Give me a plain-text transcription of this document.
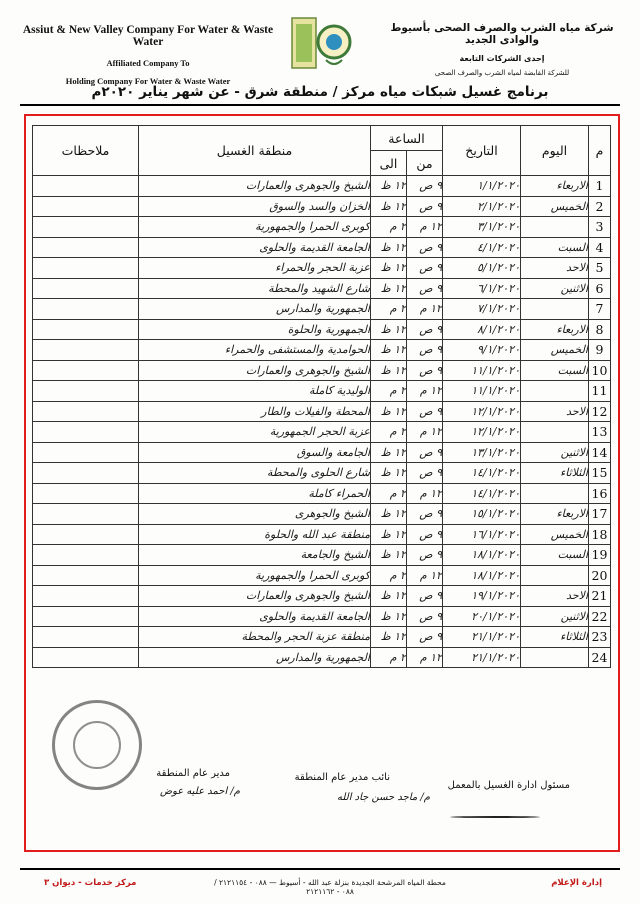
Assiut & New Valley Company For Water & Waste Water
Affiliated Company To
Holding Company For Water & Waste Water
شركة مياه الشرب والصرف الصحى بأسيوط والوادى الجديد
إحدى الشركات التابعة
للشركة القابضة لمياه الشرب والصرف الصحى
برنامج غسيل شبكات مياه مركز / منطقة شرق - عن شهر يناير ٢٠٢٠م
م	اليوم	التاريخ	الساعة		منطقة الغسيل	ملاحظات
			من	الى		
1	الاربعاء	١/١/٢٠٢٠	٩ ص	١٢ ظ	الشيخ والجوهرى والعمارات	
2	الخميس	٢/١/٢٠٢٠	٩ ص	١٢ ظ	الخزان والسد والسوق	
3		٣/١/٢٠٢٠	١٢ م	٢ م	كوبرى الحمرا والجمهورية	
4	السبت	٤/١/٢٠٢٠	٩ ص	١٢ ظ	الجامعة القديمة والحلوى	
5	الاحد	٥/١/٢٠٢٠	٩ ص	١٢ ظ	عزبة الحجر والحمراء	
6	الاثنين	٦/١/٢٠٢٠	٩ ص	١٢ ظ	شارع الشهيد والمحطة	
7		٧/١/٢٠٢٠	١٢ م	٢ م	الجمهورية والمدارس	
8	الاربعاء	٨/١/٢٠٢٠	٩ ص	١٢ ظ	الجمهورية والحلوة	
9	الخميس	٩/١/٢٠٢٠	٩ ص	١٢ ظ	الحوامدية والمستشفى والحمراء	
10	السبت	١١/١/٢٠٢٠	٩ ص	١٢ ظ	الشيخ والجوهرى والعمارات	
11		١١/١/٢٠٢٠	١٢ م	٢ م	الوليدية كاملة	
12	الاحد	١٢/١/٢٠٢٠	٩ ص	١٢ ظ	المحطة والفيلات والطار	
13		١٢/١/٢٠٢٠	١٢ م	٢ م	عزبة الحجر الجمهورية	
14	الاثنين	١٣/١/٢٠٢٠	٩ ص	١٢ ظ	الجامعة والسوق	
15	الثلاثاء	١٤/١/٢٠٢٠	٩ ص	١٢ ظ	شارع الحلوى والمحطة	
16		١٤/١/٢٠٢٠	١٢ م	٢ م	الحمراء كاملة	
17	الاربعاء	١٥/١/٢٠٢٠	٩ ص	١٢ ظ	الشيخ والجوهرى	
18	الخميس	١٦/١/٢٠٢٠	٩ ص	١٢ ظ	منطقة عبد الله والحلوة	
19	السبت	١٨/١/٢٠٢٠	٩ ص	١٢ ظ	الشيخ والجامعة	
20		١٨/١/٢٠٢٠	١٢ م	٢ م	كوبرى الحمرا والجمهورية	
21	الاحد	١٩/١/٢٠٢٠	٩ ص	١٢ ظ	الشيخ والجوهرى والعمارات	
22	الاثنين	٢٠/١/٢٠٢٠	٩ ص	١٢ ظ	الجامعة القديمة والحلوى	
23	الثلاثاء	٢١/١/٢٠٢٠	٩ ص	١٢ ظ	منطقة عزبة الحجر والمحطة	
24		٢١/١/٢٠٢٠	١٢ م	٢ م	الجمهورية والمدارس	
مسئول ادارة الغسيل بالمعمل
نائب مدير عام المنطقة
مدير عام المنطقة
م/ ماجد حسن جاد الله
م/ احمد عليه عوض
إدارة الإعلام
محطة المياه المرشحة الجديدة بنزلة عبد الله - أسيوط — ٠٨٨ - ٢١٢١١٥٤ / ٠٨٨ - ٢١٢١١٦٢
مركز خدمات - ديوان ٣
